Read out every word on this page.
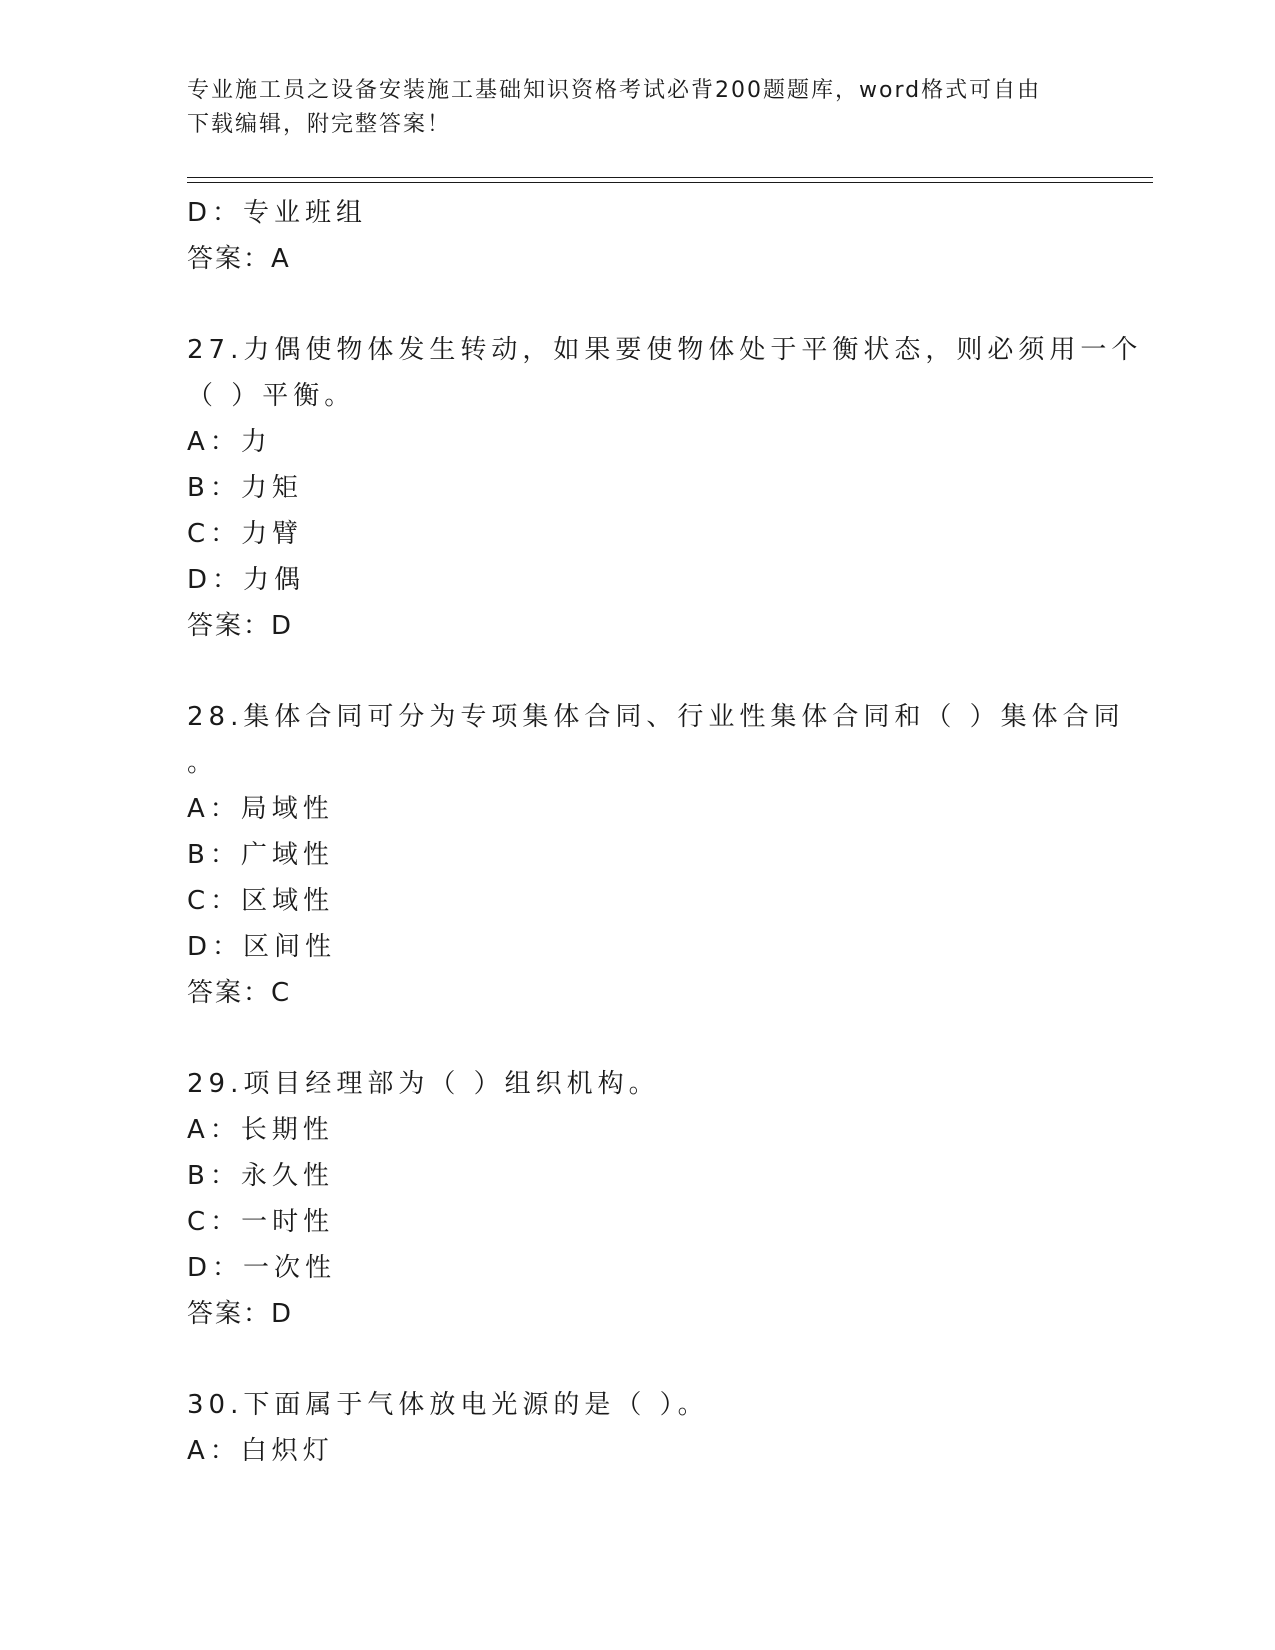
专业施工员之设备安装施工基础知识资格考试必背200题题库，word格式可自由
下载编辑，附完整答案！
D：专业班组
答案：A
27.力偶使物体发生转动，如果要使物体处于平衡状态，则必须用一个
（ ）平衡。
A：力
B：力矩
C：力臂
D：力偶
答案：D
28.集体合同可分为专项集体合同、行业性集体合同和（ ）集体合同
。
A：局域性
B：广域性
C：区域性
D：区间性
答案：C
29.项目经理部为（ ）组织机构。
A：长期性
B：永久性
C：一时性
D：一次性
答案：D
30.下面属于气体放电光源的是（ ）。
A：白炽灯
